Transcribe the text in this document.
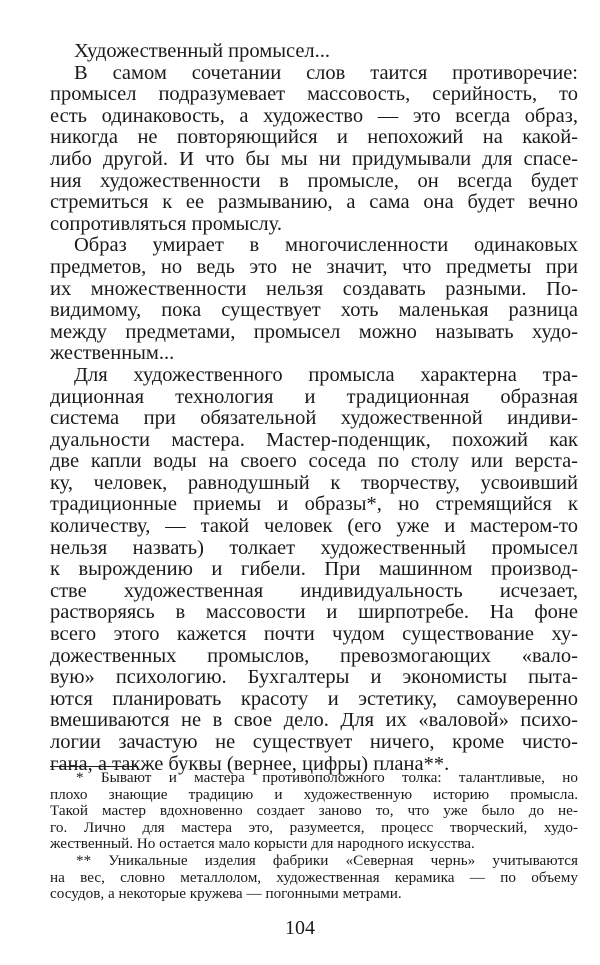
Художественный промысел...
В самом сочетании слов таится противоречие:
промысел подразумевает массовость, серийность, то
есть одинаковость, а художество — это всегда образ,
никогда не повторяющийся и непохожий на какой-
либо другой. И что бы мы ни придумывали для спасе-
ния художественности в промысле, он всегда будет
стремиться к ее размыванию, а сама она будет вечно
сопротивляться промыслу.
Образ умирает в многочисленности одинаковых
предметов, но ведь это не значит, что предметы при
их множественности нельзя создавать разными. По-
видимому, пока существует хоть маленькая разница
между предметами, промысел можно называть худо-
жественным...
Для художественного промысла характерна тра-
диционная технология и традиционная образная
система при обязательной художественной индиви-
дуальности мастера. Мастер-поденщик, похожий как
две капли воды на своего соседа по столу или верста-
ку, человек, равнодушный к творчеству, усвоивший
традиционные приемы и образы*, но стремящийся к
количеству, — такой человек (его уже и мастером-то
нельзя назвать) толкает художественный промысел
к вырождению и гибели. При машинном производ-
стве художественная индивидуальность исчезает,
растворяясь в массовости и ширпотребе. На фоне
всего этого кажется почти чудом существование ху-
дожественных промыслов, превозмогающих «вало-
вую» психологию. Бухгалтеры и экономисты пыта-
ются планировать красоту и эстетику, самоуверенно
вмешиваются не в свое дело. Для их «валовой» психо-
логии зачастую не существует ничего, кроме чисто-
гана, а также буквы (вернее, цифры) плана**.
* Бывают и мастера противоположного толка: талантливые, но
плохо знающие традицию и художественную историю промысла.
Такой мастер вдохновенно создает заново то, что уже было до не-
го. Лично для мастера это, разумеется, процесс творческий, худо-
жественный. Но остается мало корысти для народного искусства.
** Уникальные изделия фабрики «Северная чернь» учитываются
на вес, словно металлолом, художественная керамика — по объему
сосудов, а некоторые кружева — погонными метрами.
104
